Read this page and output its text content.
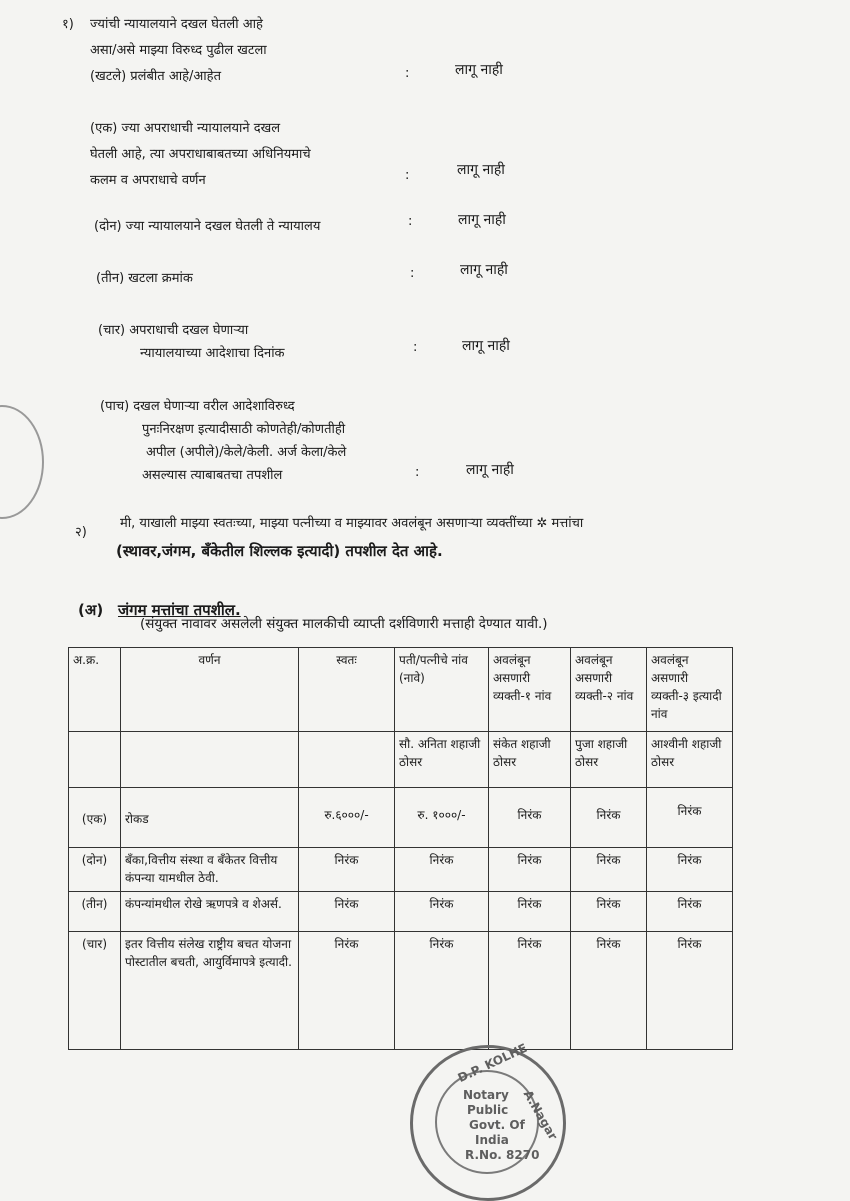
१) ज्यांची न्यायालयाने दखल घेतली आहे
असा/असे माझ्या विरुध्द पुढील खटला
(खटले) प्रलंबीत आहे/आहेत	:	लागू नाही
(एक) ज्या अपराधाची न्यायालयाने दखल
घेतली आहे, त्या अपराधाबाबतच्या अधिनियमाचे
कलम व अपराधाचे वर्णन	:	लागू नाही
(दोन) ज्या न्यायालयाने दखल घेतली ते न्यायालय	:	लागू नाही
(तीन) खटला क्रमांक	:	लागू नाही
(चार) अपराधाची दखल घेणाऱ्या
न्यायालयाच्या आदेशाचा दिनांक	:	लागू नाही
(पाच) दखल घेणाऱ्या वरील आदेशाविरुध्द
पुनःनिरक्षण इत्यादीसाठी कोणतेही/कोणतीही
अपील (अपीले)/केले/केली. अर्ज केला/केले
असल्यास त्याबाबतचा तपशील	:	लागू नाही
२)
मी, याखाली माझ्या स्वतःच्या, माझ्या पत्नीच्या व माझ्यावर अवलंबून असणाऱ्या व्यक्तींच्या ✲ मत्तांचा
(स्थावर,जंगम, बँकेतील शिल्लक इत्यादी) तपशील देत आहे.
(अ) जंगम मत्तांचा तपशील.
(संयुक्त नावावर असलेली संयुक्त मालकीची व्याप्ती दर्शविणारी मत्ताही देण्यात यावी.)
अ.क्र.	वर्णन	स्वतः	पती/पत्नीचे नांव (नावे)	अवलंबून असणारी व्यक्ती-१ नांव	अवलंबून असणारी व्यक्ती-२ नांव	अवलंबून असणारी व्यक्ती-३ इत्यादी नांव
			सौ. अनिता शहाजी ठोसर	संकेत शहाजी ठोसर	पुजा शहाजी ठोसर	आश्वीनी शहाजी ठोसर
(एक)	रोकड	रु.६०००/-	रु. १०००/-	निरंक	निरंक	निरंक
(दोन)	बँका,वित्तीय संस्था व बँकेतर वित्तीय कंपन्या यामधील ठेवी.	निरंक	निरंक	निरंक	निरंक	निरंक
(तीन)	कंपन्यांमधील रोखे ऋणपत्रे व शेअर्स.	निरंक	निरंक	निरंक	निरंक	निरंक
(चार)	इतर वित्तीय संलेख राष्ट्रीय बचत योजना पोस्टातील बचती, आयुर्विमापत्रे इत्यादी.	निरंक	निरंक	निरंक	निरंक	निरंक
D.P. KOLHE
Notary
Public
Govt. Of
India
R.No. 8270
A.Nagar
